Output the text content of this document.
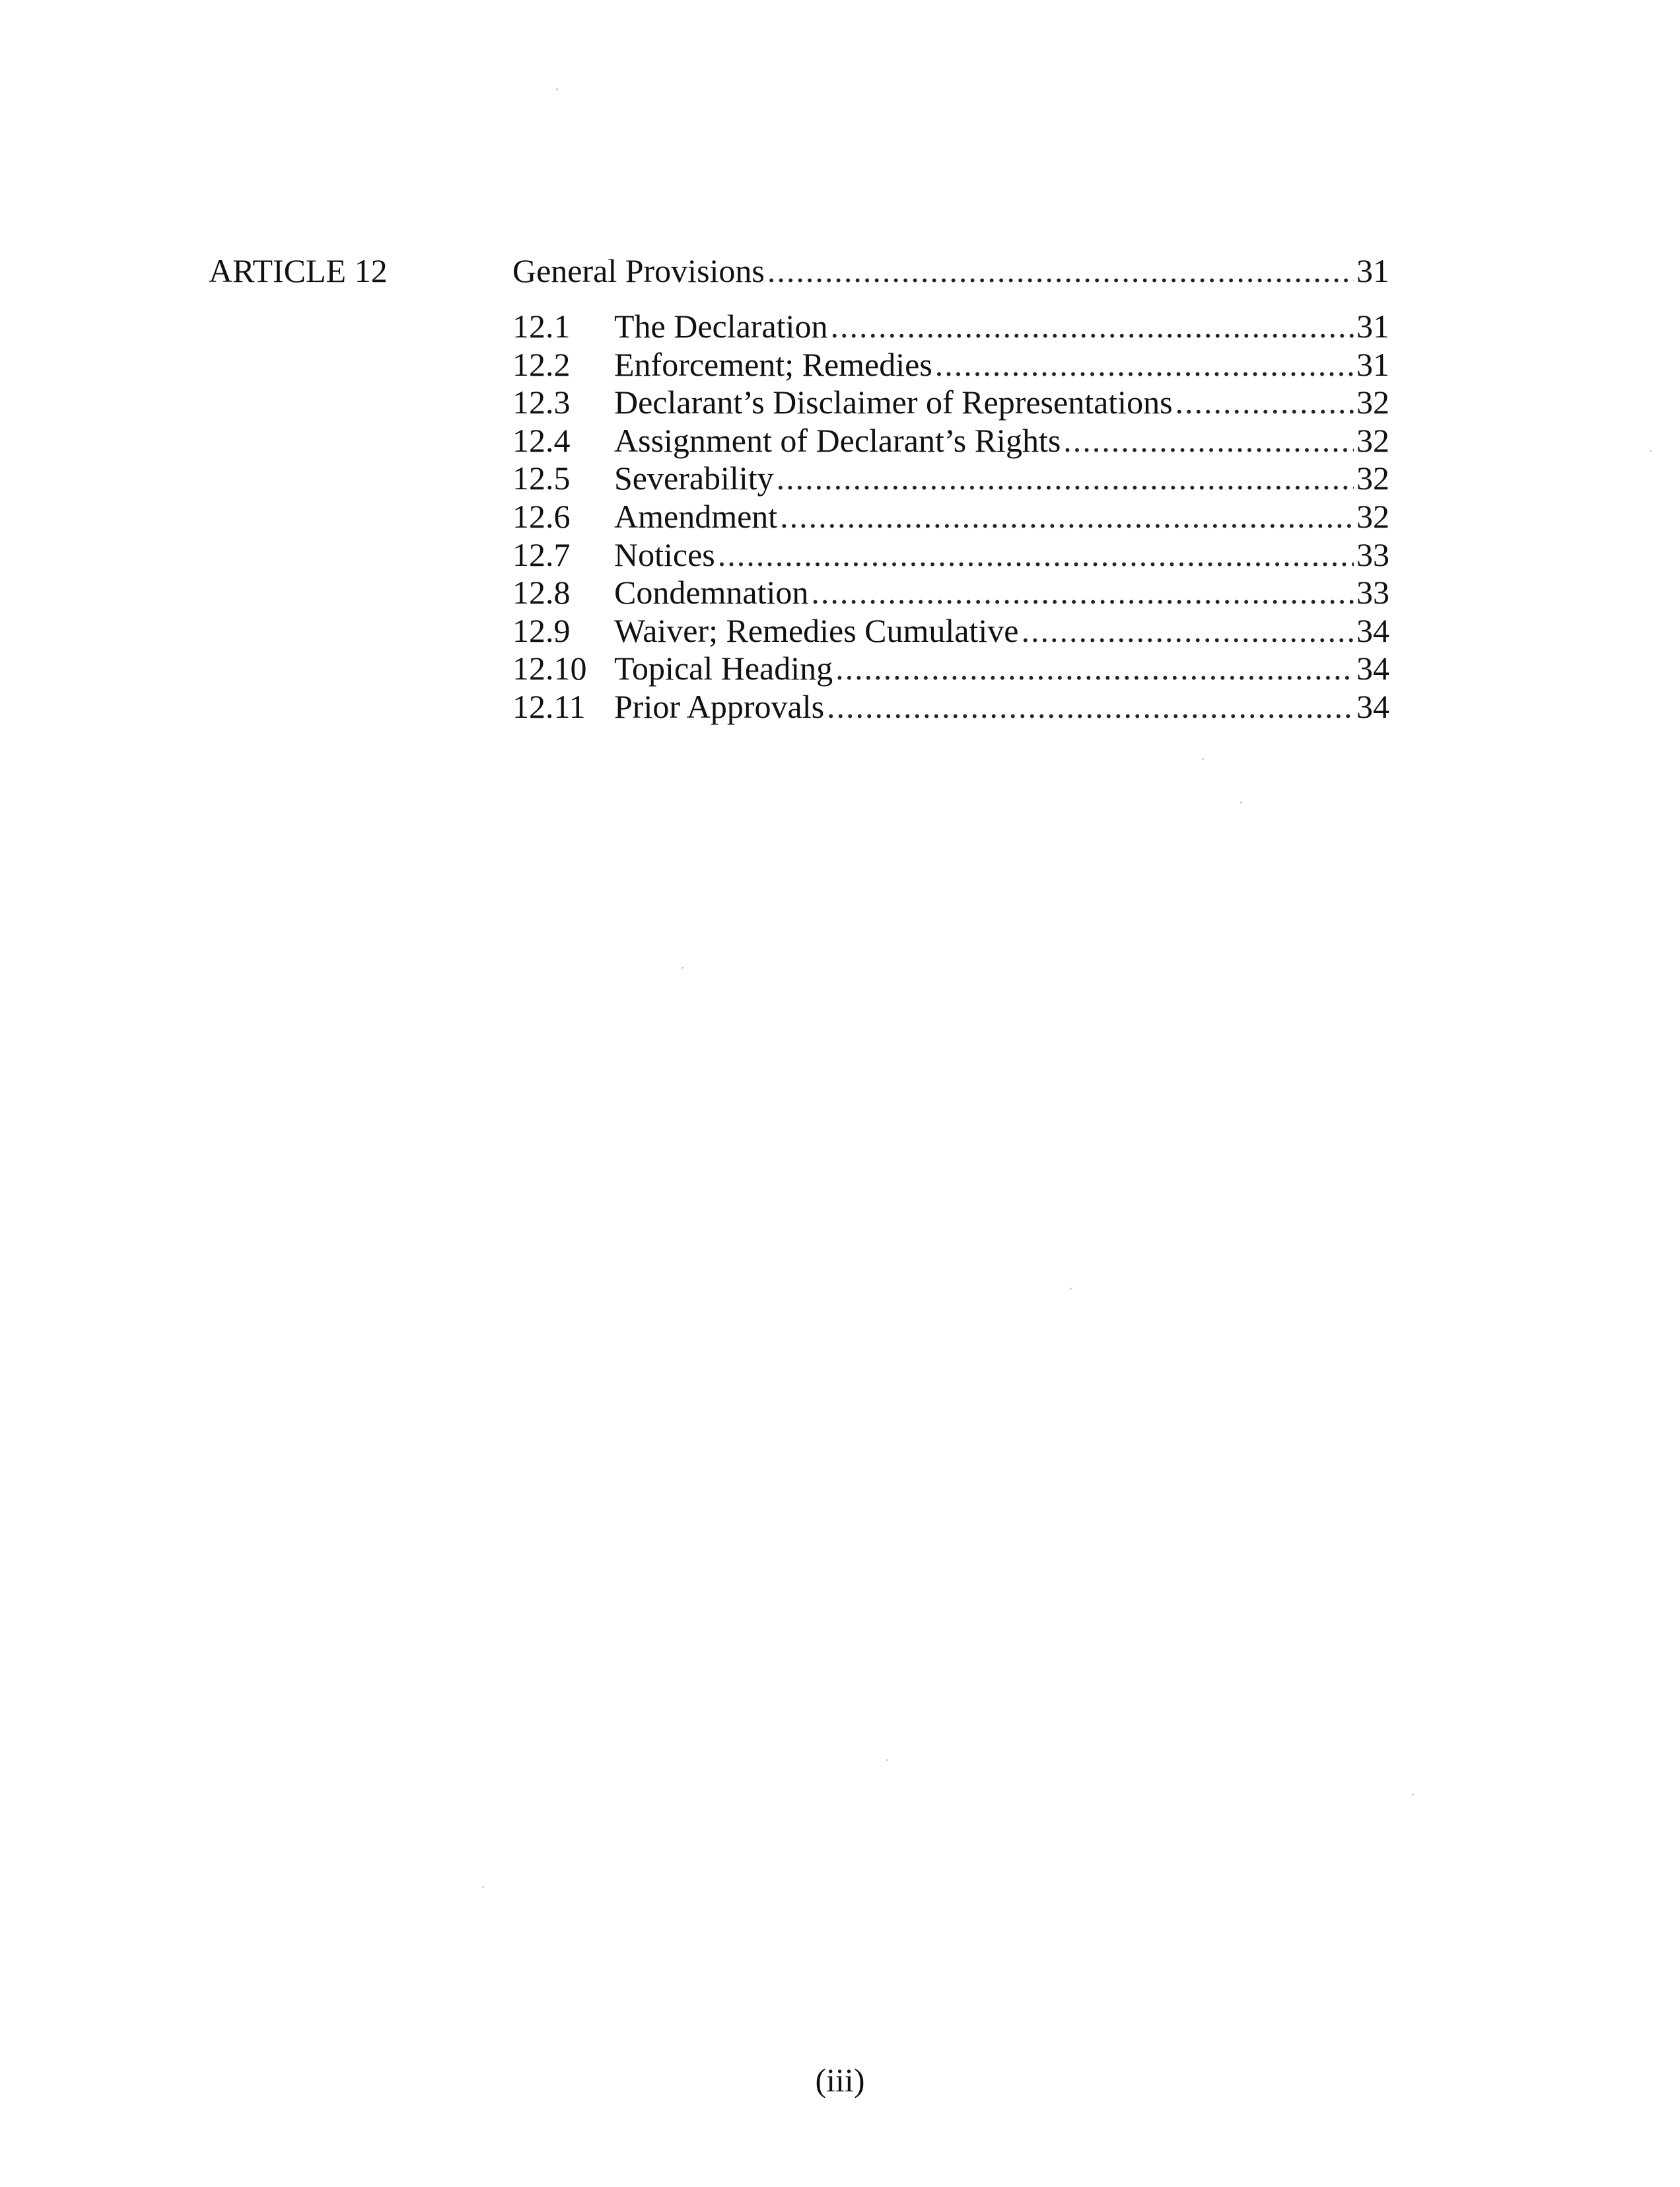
ARTICLE 12	General Provisions .....	31
12.1	The Declaration .....	31
12.2	Enforcement; Remedies .....	31
12.3	Declarant’s Disclaimer of Representations .....	32
12.4	Assignment of Declarant’s Rights .....	32
12.5	Severability .....	32
12.6	Amendment .....	32
12.7	Notices .....	33
12.8	Condemnation .....	33
12.9	Waiver; Remedies Cumulative .....	34
12.10 Topical Heading .....	34
12.11 Prior Approvals .....	34
(iii)
